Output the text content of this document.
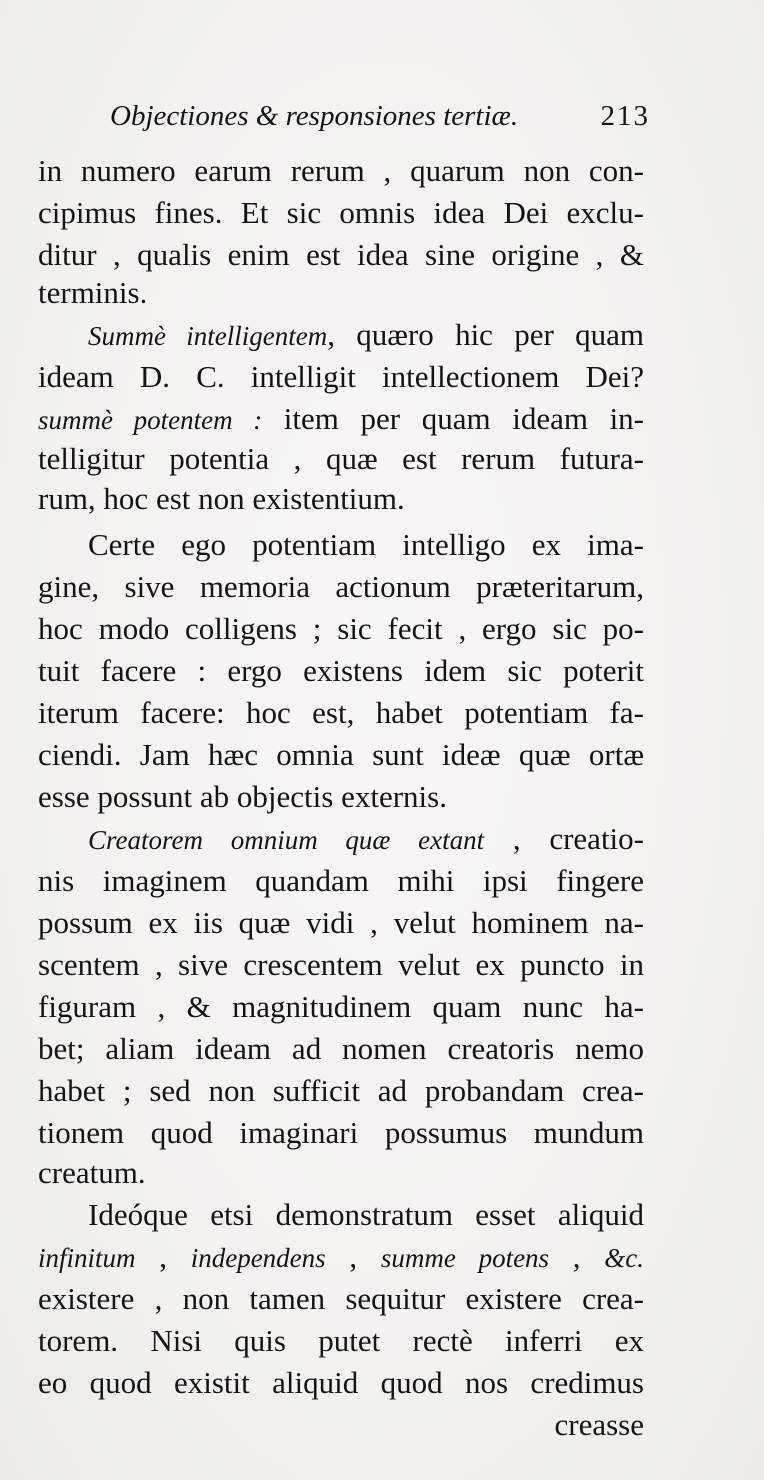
Objectiones & responsiones tertiæ.	213
in numero earum rerum , quarum non con-
cipimus fines. Et sic omnis idea Dei exclu-
ditur , qualis enim est idea sine origine , &
terminis.
Summè intelligentem, quæro hic per quam
ideam D. C. intelligit intellectionem Dei?
summè potentem : item per quam ideam in-
telligitur potentia , quæ est rerum futura-
rum, hoc est non existentium.
Certe ego potentiam intelligo ex ima-
gine, sive memoria actionum præteritarum,
hoc modo colligens ; sic fecit , ergo sic po-
tuit facere : ergo existens idem sic poterit
iterum facere: hoc est, habet potentiam fa-
ciendi. Jam hæc omnia sunt ideæ quæ ortæ
esse possunt ab objectis externis.
Creatorem omnium quæ extant , creatio-
nis imaginem quandam mihi ipsi fingere
possum ex iis quæ vidi , velut hominem na-
scentem , sive crescentem velut ex puncto in
figuram , & magnitudinem quam nunc ha-
bet; aliam ideam ad nomen creatoris nemo
habet ; sed non sufficit ad probandam crea-
tionem quod imaginari possumus mundum
creatum.
Ideóque etsi demonstratum esset aliquid
infinitum , independens , summe potens , &c.
existere , non tamen sequitur existere crea-
torem. Nisi quis putet rectè inferri ex
eo quod existit aliquid quod nos credimus
creasse
